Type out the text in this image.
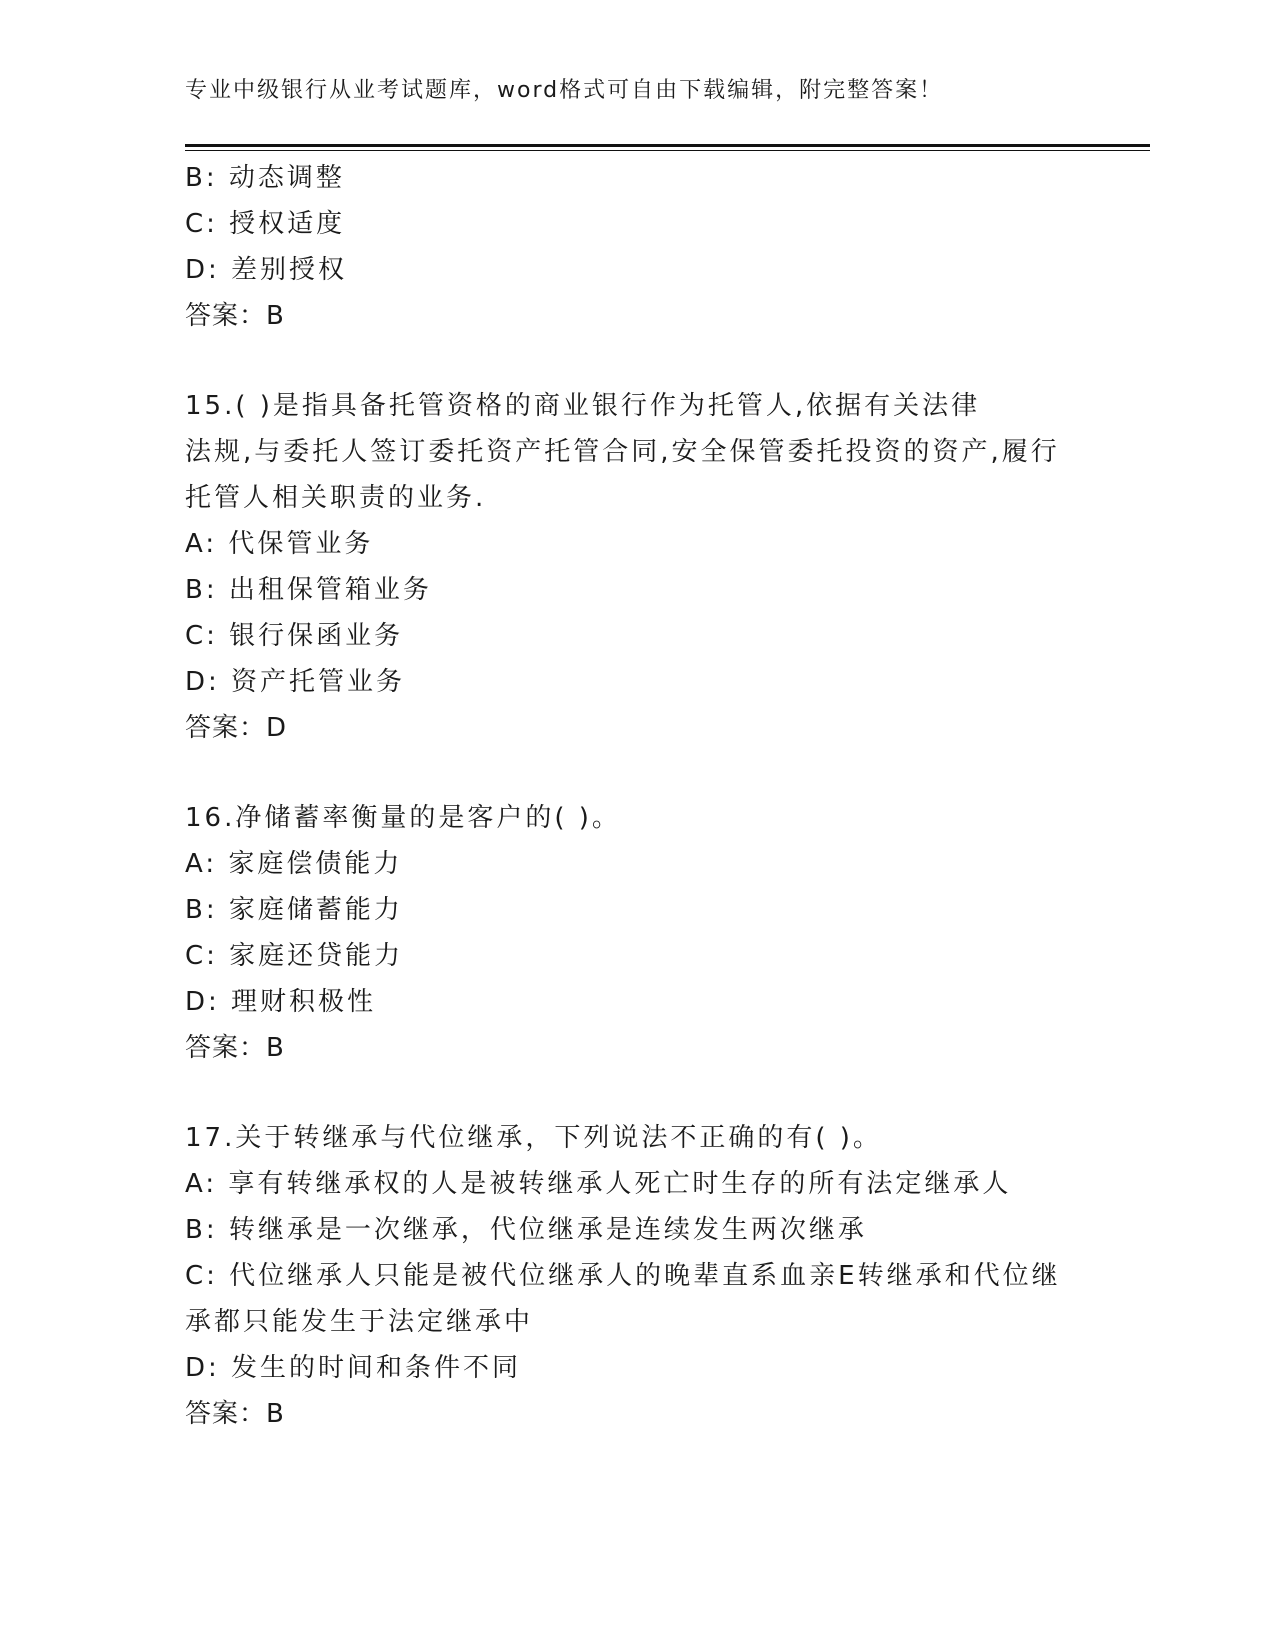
专业中级银行从业考试题库，word格式可自由下载编辑，附完整答案！
B: 动态调整
C: 授权适度
D: 差别授权
答案：B
15.( )是指具备托管资格的商业银行作为托管人,依据有关法律
法规,与委托人签订委托资产托管合同,安全保管委托投资的资产,履行
托管人相关职责的业务.
A: 代保管业务
B: 出租保管箱业务
C: 银行保函业务
D: 资产托管业务
答案：D
16.净储蓄率衡量的是客户的( )。
A: 家庭偿债能力
B: 家庭储蓄能力
C: 家庭还贷能力
D: 理财积极性
答案：B
17.关于转继承与代位继承，下列说法不正确的有( )。
A: 享有转继承权的人是被转继承人死亡时生存的所有法定继承人
B: 转继承是一次继承，代位继承是连续发生两次继承
C: 代位继承人只能是被代位继承人的晚辈直系血亲E转继承和代位继
承都只能发生于法定继承中
D: 发生的时间和条件不同
答案：B
